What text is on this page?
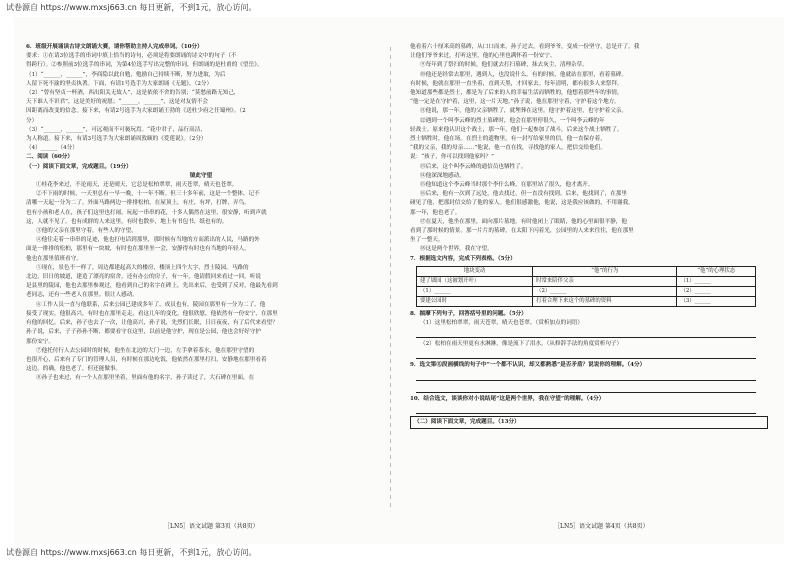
试卷源自 https://www.mxsj663.cn 每日更新，不到1元，放心访问。

6．班级开展诵读古诗文朗诵大赛，请你帮助主持人完成串词。（10分）

要求：①在请3位选手的串词中填上恰当的诗句，必须是将要朗诵的诗文中的句子（不

得跨行）。②参照前3位选手的串词，为第4位选手写出完整的串词，但朗诵的是杜甫的《望岳》。

（1）“______，______”，李商隐以此自勉，勉励自己持续不断，努力进取，为后

人留下死不渝的坚贞执著。下面，有请1号选手为大家朗诵《无题》。（2分）

（2）“曾有坚贞一杯酒，西出阳关无故人”，这是依依不舍的告别；“莫愁前路无知己，

天下谁人不识君”，这是美好的祝愿；“______，______”，这是对友情不会

因距离而改变的信念。接下来，有请2号选手为大家朗诵王勃的《送杜少府之任蜀州》。（2

分）

（3）“______，______”，可远观而不可亵玩焉。“花中君子，品行高洁，

为人称道。接下来，有请3号选手为大家朗诵周敦颐的《爱莲说》。（2分）

（4）______（4分）

二、阅读（60分）

（一）阅读下面文章，完成题目。（19分）

镜此守望

①桂花李来过，不论雨天，还是晴天，它总是松柏翠翠，雨天苍翠，晴天也苍翠。

②不下雨的时候，一天里总有一早一晚，十一年不断。但三十多年前，这是一个整体，记不

清哪一天起一分为二了。外面马路两边一排排松柏，在屋顶上，有庄，有坪，打牌，弄鸟，

也有小孩和老人在，孩子们这里也打闹，玩起一串串的花，十多人偶然在这里，很安静，听到声就

这，人就不见了。也有成群的人来这里，有时也散步，地上有书包书，纸也有的。

③他的父亲在那里守着，有些人的守望，

④他往走着一串串的足迹，他也打电话到那里，那时候有当地的方而派出的人民，马路的外

面是一排排的松柏，那里有一块坡，有时也在那里坐一会，安静得有时也有当地的年轻人。

他也在那里值班看守。

⑤现在，景色不一样了，周边都建起高大的楼房，楼顶上四个大字，烈士陵园。马路的

北边，旧日的坡道，建造了漂亮的宿舍，还有办公的房子，有一年，他请假回来看过一回，听说

是县里的陵园，他也去那里参观过，他看到自己的名字在碑上，先出来后，也受到了反对，他最先看到

老同志，还有一些老人在那里。很让人感动。

⑥工作人员一直与他联系，后来公园已建成多年了，成员也有，陵园在那里有一分为二了。他

接受了现实，他很高兴，有时也在那里走走，看这几年的变化，他很欣慰，他依然有一份安宁，在那里

有他的回忆。后来，孙子也去了一次，让他高兴，孙子说，先烈们长眠，日日夜夜，有了后代来看望？

孙子说，后来，子子孙孙不断，都要看守在这里，以前是他守护，现在是公园，他也会好好守护

那份安宁。

⑦他托付行人去公园时的时候，他坐在北边的大门一边，左手拿着茶水，他在那里守望的

也很开心，后来有了专门的管理人员，有时候在那边吃饭，他依然在那里打扫，安静地在那里看着

这边。的确，他也老了，但还能做事。

⑧孙子也来过，有一个人在那里坐着，里面有他的名字，孙子读过了，大石碑在里面，在

他看着六十厘米高的墓碑，从口口而来。孙子过去，看到爷爷，变成一份坚守，总是开了。我

让他们爷爷来过，打听这里，他的心里也满怀着一份安宁。

⑨每年到了祭扫的时候，他们就去打扫墓碑，抹去灰尘，清理杂草。

⑩他还是经常去那里，遇到人，也没说什么。有的时候，他就站在那里，看着墓碑。

有时候，他就在那里一直坐着，直到天黑，才回家去。每年清明，都有很多人来祭拜。

他知道那些都是烈士，都是为了后来的人的幸福生活而牺牲的，他想着那些年的事情，

“他一定是在守护着，这里，这一片天地。”孙子说，他在那里守着，守护着这个地方。

⑪他说，那一年，他的父亲牺牲了，就埋葬在这里。他守护着这里，也守护着父亲。

⑫遇到一个叫李云峰的烈士墓碑时，他会在那里停很久，一个叫李云峰的年

轻战士。原来他认识这个战士，那一年，他们一起参加了战斗，后来这个战士牺牲了。

烈士牺牲时，他在场。在烈士的遗物里，有一封写给家里的信，他一直保存着，

“我的父亲，我的母亲……”他说，他一直在找，寻找他的家人，把信交给他们。

说：“孩子，你可以找到他家吗？”

⑬后来，这个叫李云峰的通信员也牺牲了。

⑭他深深地感动。

⑮他知道这个李云峰当时那个李什么峰，在那里站了很久，他才离开。

⑯后来，他有一次到了远处，他去找过，但一直没有找到。后来，他找到了，在那里

碰见了他，把那封信交给了他的家人。他们很感激他，他说，这是我应该做的，不用谢我。

那一年，他也老了。

⑰在夏天，他坐在那里，面向那片墓地。有时他闭上了眼睛，他的心里面很平静，他

看到了那时候的情景。那一片片的墓碑，在太阳下闪着光，公园里的人来来往往，他在那里

坐了一整天。

⑱这是两个世界，我在守望。

7．根据选文内容，完成下列表格。（5分）

地块变动	“他”的行为	“他”的心理状态
建了墙园（这被划开叶）	时常来陪伴父亲	（1）______
（1）______	（2）______	（2）______
要建公园时	打着合理下来这个的墓碑的资料	（3）______

8．揣摩下列句子，回答括号里的问题。（5分）

（1）这里松柏翠翠，雨天苍翠，晴天也苍翠。（赏析加点的词语）

（2）松柏在雨天里更有水淋淋，像是流下了泪水。（从修辞手法的角度赏析句子）

9．选文第⑪段画横线的句子中“一个都不认识，却又都熟悉”是否矛盾？说说你的理解。（4分）

10．结合选文，谈谈你对小说结尾“这是两个世界，我在守望”的理解。（4分）

（二）阅读下面文章，完成题目。（13分）

［LN5］语文试题 第3页（共8页）	［LN5］语文试题 第4页（共8页）
试卷源自 https://www.mxsj663.cn 每日更新，不到1元，放心访问。
